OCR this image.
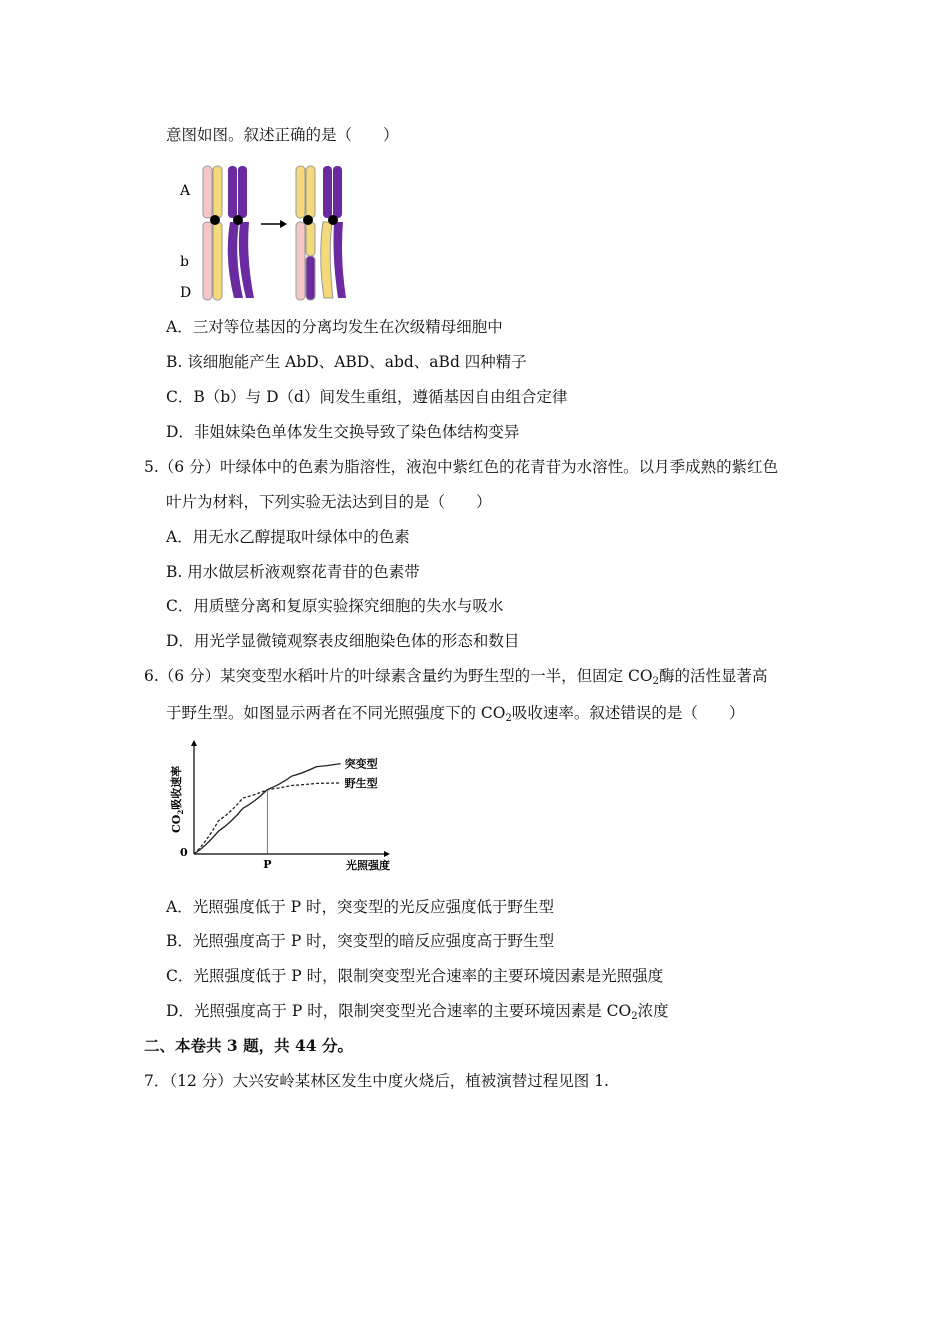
意图如图。叙述正确的是（　　）
A
b
D
A．三对等位基因的分离均发生在次级精母细胞中
B. 该细胞能产生 AbD、ABD、abd、aBd 四种精子
C．B（b）与 D（d）间发生重组，遵循基因自由组合定律
D．非姐妹染色单体发生交换导致了染色体结构变异
5.（6 分）叶绿体中的色素为脂溶性，液泡中紫红色的花青苷为水溶性。以月季成熟的紫红色
叶片为材料，下列实验无法达到目的是（　　）
A．用无水乙醇提取叶绿体中的色素
B. 用水做层析液观察花青苷的色素带
C．用质壁分离和复原实验探究细胞的失水与吸水
D．用光学显微镜观察表皮细胞染色体的形态和数目
6.（6 分）某突变型水稻叶片的叶绿素含量约为野生型的一半，但固定 $CO_2$酶的活性显著高
于野生型。如图显示两者在不同光照强度下的 $CO_2$吸收速率。叙述错误的是（　　）
$CO_2$吸收速率
0
P	光照强度
突变型
野生型
A．光照强度低于 P 时，突变型的光反应强度低于野生型
B．光照强度高于 P 时，突变型的暗反应强度高于野生型
C．光照强度低于 P 时，限制突变型光合速率的主要环境因素是光照强度
D．光照强度高于 P 时，限制突变型光合速率的主要环境因素是 $CO_2$浓度
二、本卷共 3 题，共 44 分。
7．（12 分）大兴安岭某林区发生中度火烧后，植被演替过程见图 1.
